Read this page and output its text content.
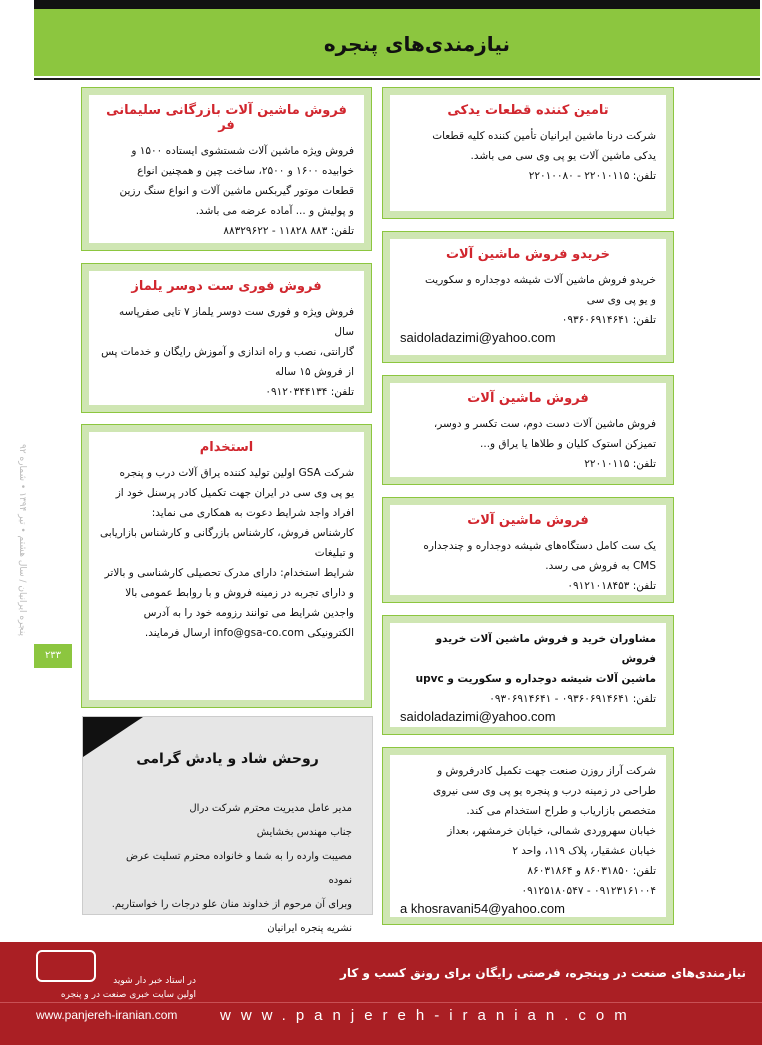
نیازمندی‌های پنجره
پنجره ایرانیان / سال هشتم • تیر ۱۳۹۴ • شماره ۹۲
۲۳۳
تامین کننده قطعات یدکی
شرکت درنا ماشین ایرانیان تأمین کننده کلیه قطعات
یدکی ماشین آلات یو پی وی سی می باشد.
تلفن: ۲۲۰۱۰۱۱۵ - ۲۲۰۱۰۰۸۰
خریدو فروش ماشین آلات
خریدو فروش ماشین آلات شیشه دوجداره و سکوریت
و یو پی وی سی
تلفن: ۰۹۳۶۰۶۹۱۴۶۴۱
saidoladazimi@yahoo.com
فروش ماشین آلات
فروش ماشین آلات دست دوم، ست تکسر و دوسر،
تمیزکن استوک کلیان و طلاها یا یراق و...
تلفن: ۲۲۰۱۰۱۱۵
فروش ماشین آلات
یک ست کامل دستگاه‌های شیشه دوجداره و چندجداره
CMS به فروش می رسد.
تلفن: ۰۹۱۲۱۰۱۸۴۵۳
مشاوران خرید و فروش ماشین آلات خریدو فروش
ماشین آلات شیشه دوجداره و سکوریت و upvc
تلفن: ۰۹۳۶۰۶۹۱۴۶۴۱ - ۰۹۳۰۶۹۱۴۶۴۱
saidoladazimi@yahoo.com
شرکت آراز روزن صنعت جهت تکمیل کادرفروش و
طراحی در زمینه درب و پنجره یو پی وی سی نیروی
متخصص بازاریاب و طراح استخدام می کند.
خیابان سهروردی شمالی، خیابان خرمشهر، بعداز
خیابان عشقیار، پلاک ۱۱۹، واحد ۲
تلفن: ۸۶۰۳۱۸۵۰ و ۸۶۰۳۱۸۶۴
۰۹۱۲۳۱۶۱۰۰۴ - ۰۹۱۲۵۱۸۰۵۴۷
a khosravani54@yahoo.com
فروش ماشین آلات بازرگانی سلیمانی فر
فروش ویژه ماشین آلات شستشوی ایستاده ۱۵۰۰ و
خوابیده ۱۶۰۰ و ۲۵۰۰، ساخت چین و همچنین انواع
قطعات موتور گیربکس ماشین آلات و انواع سنگ رزین
و پولیش و ... آماده عرضه می باشد.
تلفن: ۸۸۳ ۱۱۸۲۸ - ۸۸۳۲۹۶۲۲
فروش فوری ست دوسر یلماز
فروش ویژه و فوری ست دوسر یلماز ۷ تایی صفرپاسه سال
گارانتی، نصب و راه اندازی و آموزش رایگان و خدمات پس
از فروش ۱۵ ساله
تلفن: ۰۹۱۲۰۳۴۴۱۳۴
استخدام
شرکت GSA اولین تولید کننده یراق آلات درب و پنجره
یو پی وی سی در ایران جهت تکمیل کادر پرسنل خود از
افراد واجد شرایط دعوت به همکاری می نماید:
کارشناس فروش، کارشناس بازرگانی و کارشناس بازاریابی
و تبلیغات
شرایط استخدام: دارای مدرک تحصیلی کارشناسی و بالاتر
و دارای تجربه در زمینه فروش و با روابط عمومی بالا
واجدین شرایط می توانند رزومه خود را به آدرس
الکترونیکی info@gsa-co.com ارسال فرمایند.
روحش شاد و یادش گرامی
مدیر عامل مدیریت محترم شرکت درال
جناب مهندس بخشایش
مصیبت وارده را به شما و خانواده محترم تسلیت عرض نموده
وبرای آن مرحوم از خداوند منان علو درجات را خواستاریم.
نشریه پنجره ایرانیان
نیازمندی‌های صنعت در وپنجره، فرصتی رایگان برای رونق کسب و کار
www.panjereh-iranian.com
در استاد خبر دار شوید
اولین سایت خبری صنعت در و پنجره
www.panjereh-iranian.com
